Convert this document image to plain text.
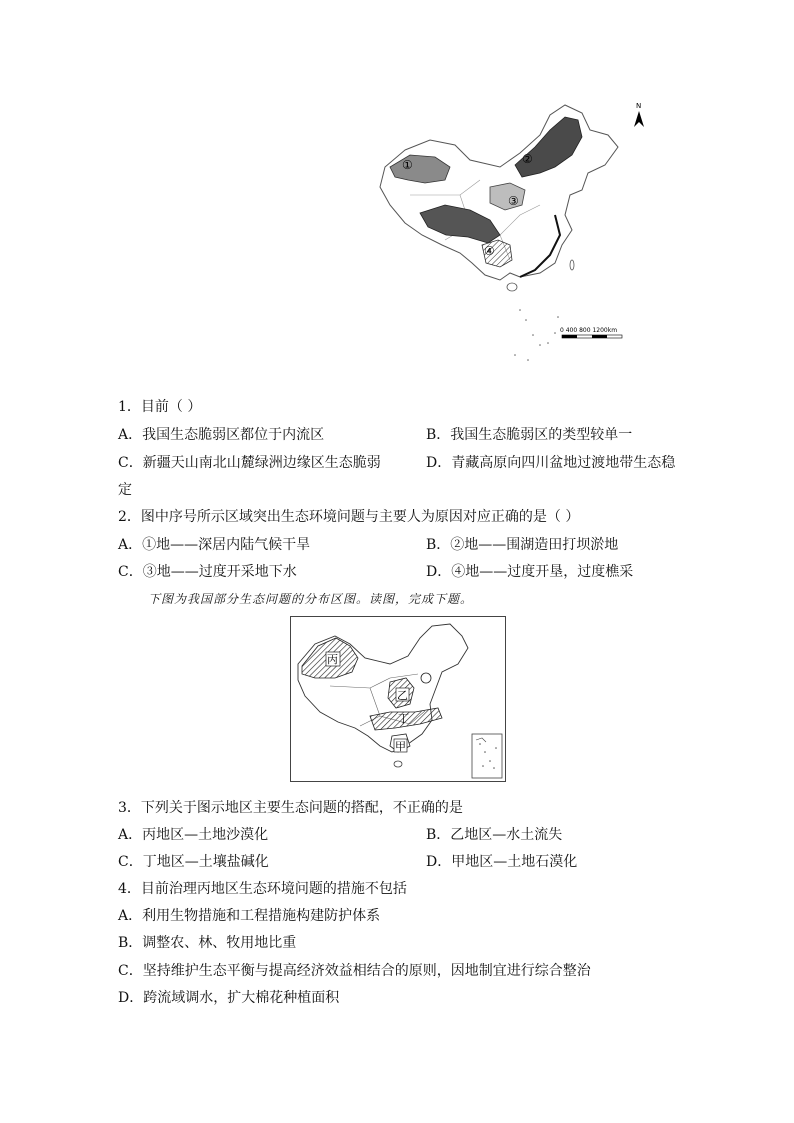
①	②
③
④
N
0 400 800 1200km
1．目前（ ）
A．我国生态脆弱区都位于内流区	B．我国生态脆弱区的类型较单一
C．新疆天山南北山麓绿洲边缘区生态脆弱	D．青藏高原向四川盆地过渡地带生态稳
定
2．图中序号所示区域突出生态环境问题与主要人为原因对应正确的是（ ）
A．①地——深居内陆气候干旱	B．②地——围湖造田打坝淤地
C．③地——过度开采地下水	D．④地——过度开垦，过度樵采
下图为我国部分生态问题的分布区图。读图，完成下题。
丙
乙
丁
甲
3．下列关于图示地区主要生态问题的搭配，不正确的是
A．丙地区—土地沙漠化	B．乙地区—水土流失
C．丁地区—土壤盐碱化	D．甲地区—土地石漠化
4．目前治理丙地区生态环境问题的措施不包括
A．利用生物措施和工程措施构建防护体系
B．调整农、林、牧用地比重
C．坚持维护生态平衡与提高经济效益相结合的原则，因地制宜进行综合整治
D．跨流域调水，扩大棉花种植面积
